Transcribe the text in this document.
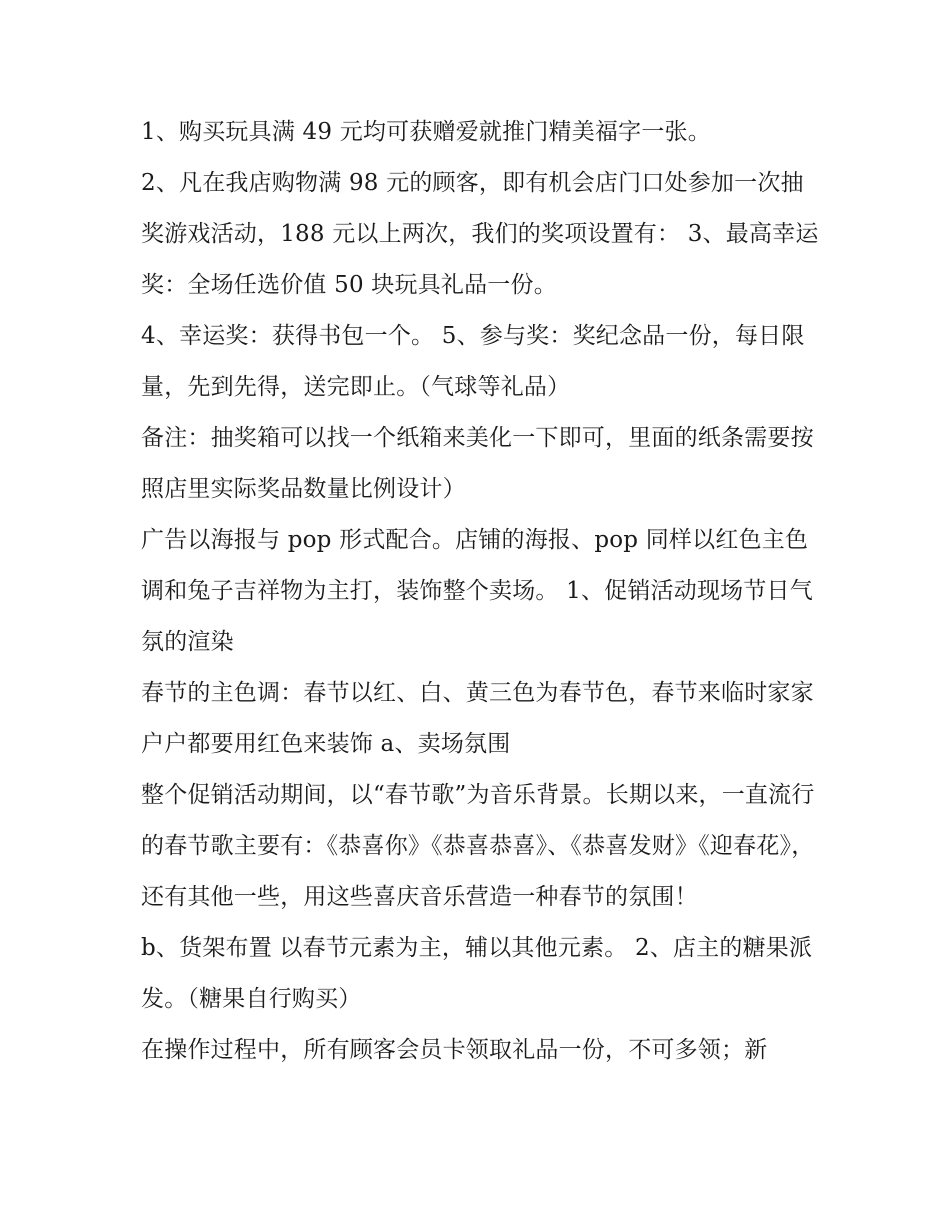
1、购买玩具满 49 元均可获赠爱就推门精美福字一张。

2、凡在我店购物满 98 元的顾客，即有机会店门口处参加一次抽奖游戏活动，188 元以上两次，我们的奖项设置有： 3、最高幸运奖：全场任选价值 50 块玩具礼品一份。

4、幸运奖：获得书包一个。 5、参与奖：奖纪念品一份，每日限量，先到先得，送完即止。（气球等礼品）

备注：抽奖箱可以找一个纸箱来美化一下即可，里面的纸条需要按照店里实际奖品数量比例设计）

广告以海报与 pop 形式配合。店铺的海报、pop 同样以红色主色调和兔子吉祥物为主打，装饰整个卖场。 1、促销活动现场节日气氛的渲染

春节的主色调：春节以红、白、黄三色为春节色，春节来临时家家户户都要用红色来装饰 a、卖场氛围

整个促销活动期间，以“春节歌”为音乐背景。长期以来，一直流行的春节歌主要有：《恭喜你》《恭喜恭喜》、《恭喜发财》《迎春花》，还有其他一些，用这些喜庆音乐营造一种春节的氛围！

b、货架布置 以春节元素为主，辅以其他元素。 2、店主的糖果派发。（糖果自行购买）

在操作过程中，所有顾客会员卡领取礼品一份，不可多领；新
